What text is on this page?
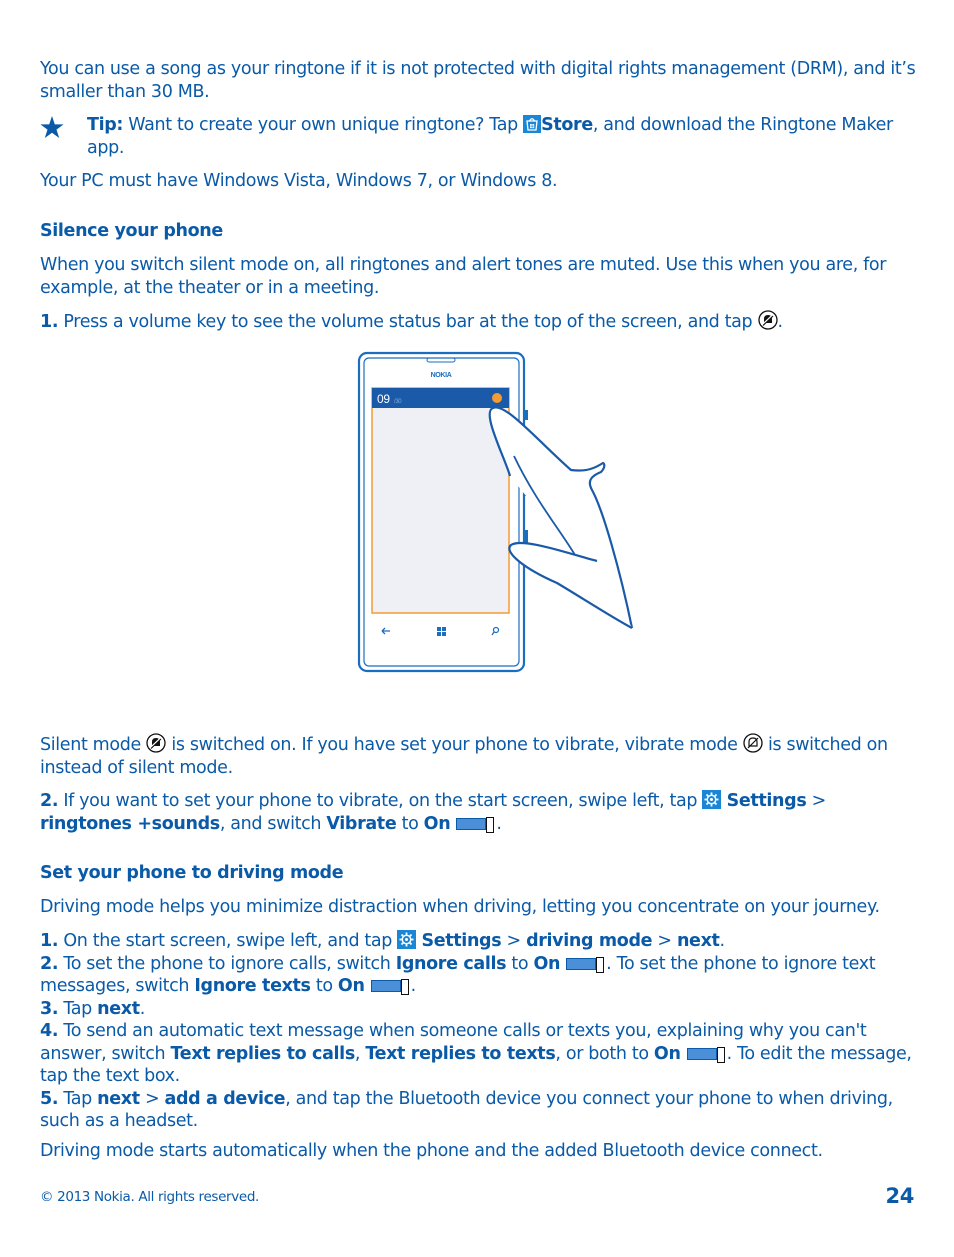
You can use a song as your ringtone if it is not protected with digital rights management (DRM), and it’s smaller than 30 MB.

Tip: Want to create your own unique ringtone? Tap Store, and download the Ringtone Maker app.

Your PC must have Windows Vista, Windows 7, or Windows 8.

Silence your phone

When you switch silent mode on, all ringtones and alert tones are muted. Use this when you are, for example, at the theater or in a meeting.

1. Press a volume key to see the volume status bar at the top of the screen, and tap .

NOKIA
09 /30

Silent mode is switched on. If you have set your phone to vibrate, vibrate mode is switched on instead of silent mode.

2. If you want to set your phone to vibrate, on the start screen, swipe left, tap Settings > ringtones +sounds, and switch Vibrate to On	.

Set your phone to driving mode

Driving mode helps you minimize distraction when driving, letting you concentrate on your journey.

1. On the start screen, swipe left, and tap Settings > driving mode > next.
2. To set the phone to ignore calls, switch Ignore calls to On	. To set the phone to ignore text messages, switch Ignore texts to On	.
3. Tap next.
4. To send an automatic text message when someone calls or texts you, explaining why you can't answer, switch Text replies to calls, Text replies to texts, or both to On	. To edit the message, tap the text box.
5. Tap next > add a device, and tap the Bluetooth device you connect your phone to when driving, such as a headset.

Driving mode starts automatically when the phone and the added Bluetooth device connect.

© 2013 Nokia. All rights reserved.	24
